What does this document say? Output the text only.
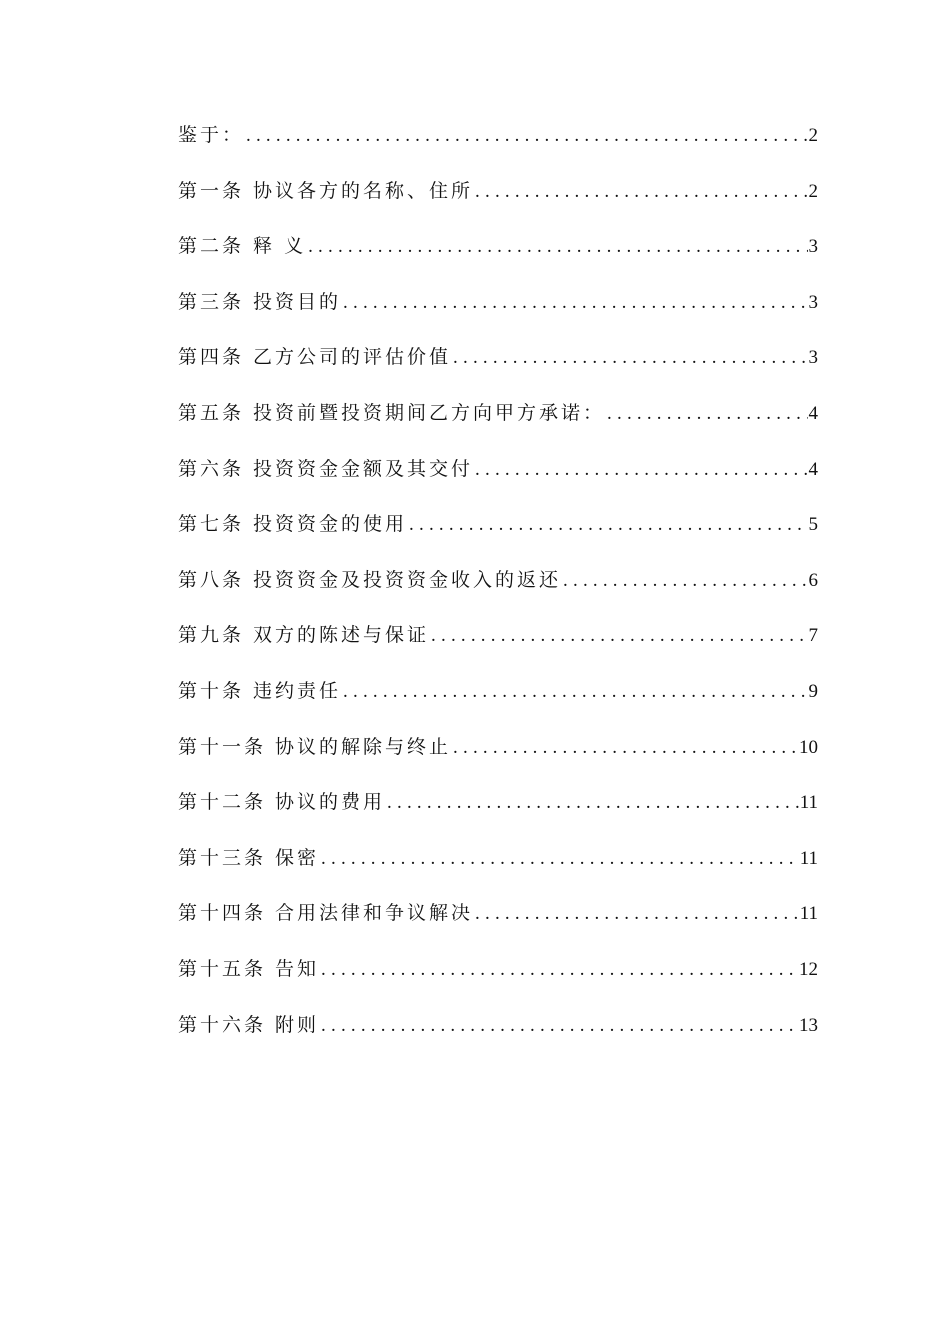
鉴于： .....	2
第一条 协议各方的名称、住所 .....	2
第二条 释 义 .....	3
第三条 投资目的 .....	3
第四条 乙方公司的评估价值 .....	3
第五条 投资前暨投资期间乙方向甲方承诺： .....	4
第六条 投资资金金额及其交付 .....	4
第七条 投资资金的使用 .....	5
第八条 投资资金及投资资金收入的返还 .....	6
第九条 双方的陈述与保证 .....	7
第十条 违约责任 .....	9
第十一条 协议的解除与终止 .....	10
第十二条 协议的费用 .....	11
第十三条 保密 .....	11
第十四条 合用法律和争议解决 .....	11
第十五条 告知 .....	12
第十六条 附则 .....	13
